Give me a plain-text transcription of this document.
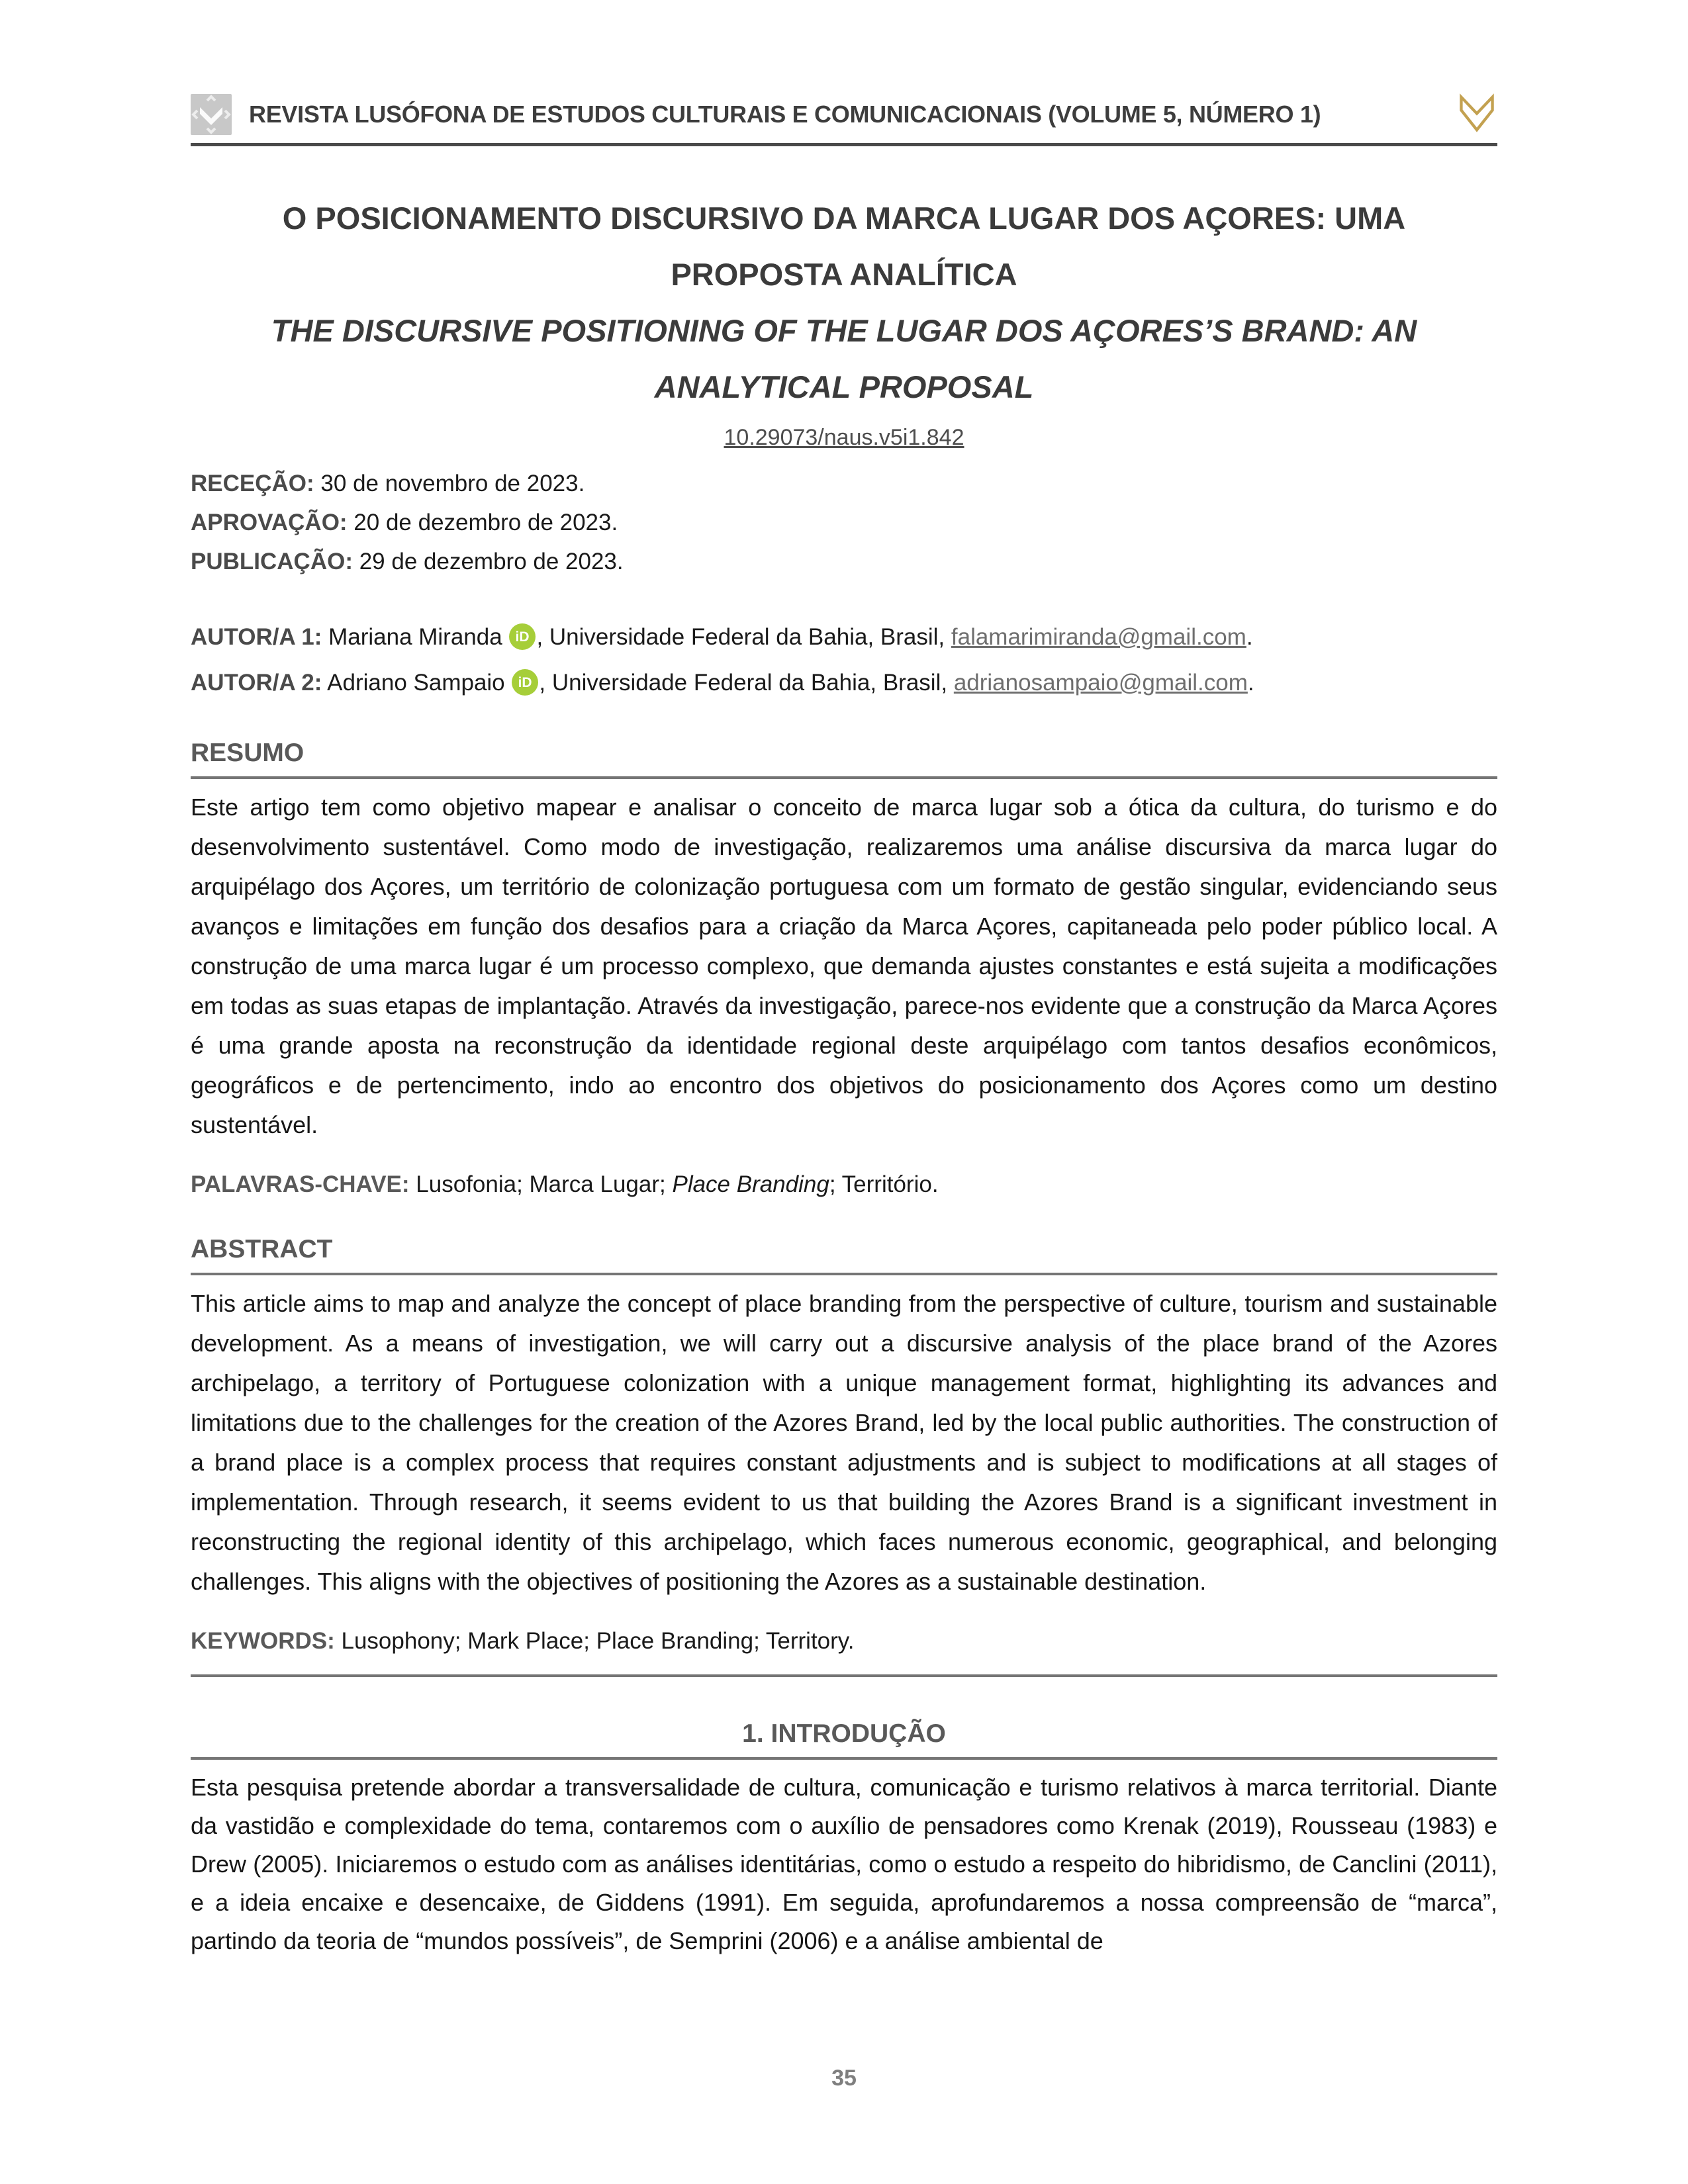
REVISTA LUSÓFONA DE ESTUDOS CULTURAIS E COMUNICACIONAIS (VOLUME 5, NÚMERO 1)
O POSICIONAMENTO DISCURSIVO DA MARCA LUGAR DOS AÇORES: UMA
PROPOSTA ANALÍTICA
THE DISCURSIVE POSITIONING OF THE LUGAR DOS AÇORES’S BRAND: AN
ANALYTICAL PROPOSAL
10.29073/naus.v5i1.842
RECEÇÃO: 30 de novembro de 2023.
APROVAÇÃO: 20 de dezembro de 2023.
PUBLICAÇÃO: 29 de dezembro de 2023.
AUTOR/A 1: Mariana Miranda iD , Universidade Federal da Bahia, Brasil, falamarimiranda@gmail.com.
AUTOR/A 2: Adriano Sampaio iD , Universidade Federal da Bahia, Brasil, adrianosampaio@gmail.com.
RESUMO
Este artigo tem como objetivo mapear e analisar o conceito de marca lugar sob a ótica da cultura, do turismo e do desenvolvimento sustentável. Como modo de investigação, realizaremos uma análise discursiva da marca lugar do arquipélago dos Açores, um território de colonização portuguesa com um formato de gestão singular, evidenciando seus avanços e limitações em função dos desafios para a criação da Marca Açores, capitaneada pelo poder público local. A construção de uma marca lugar é um processo complexo, que demanda ajustes constantes e está sujeita a modificações em todas as suas etapas de implantação. Através da investigação, parece-nos evidente que a construção da Marca Açores é uma grande aposta na reconstrução da identidade regional deste arquipélago com tantos desafios econômicos, geográficos e de pertencimento, indo ao encontro dos objetivos do posicionamento dos Açores como um destino sustentável.
PALAVRAS-CHAVE: Lusofonia; Marca Lugar; Place Branding; Território.
ABSTRACT
This article aims to map and analyze the concept of place branding from the perspective of culture, tourism and sustainable development. As a means of investigation, we will carry out a discursive analysis of the place brand of the Azores archipelago, a territory of Portuguese colonization with a unique management format, highlighting its advances and limitations due to the challenges for the creation of the Azores Brand, led by the local public authorities. The construction of a brand place is a complex process that requires constant adjustments and is subject to modifications at all stages of implementation. Through research, it seems evident to us that building the Azores Brand is a significant investment in reconstructing the regional identity of this archipelago, which faces numerous economic, geographical, and belonging challenges. This aligns with the objectives of positioning the Azores as a sustainable destination.
KEYWORDS: Lusophony; Mark Place; Place Branding; Territory.
1. INTRODUÇÃO
Esta pesquisa pretende abordar a transversalidade de cultura, comunicação e turismo relativos à marca territorial. Diante da vastidão e complexidade do tema, contaremos com o auxílio de pensadores como Krenak (2019), Rousseau (1983) e Drew (2005). Iniciaremos o estudo com as análises identitárias, como o estudo a respeito do hibridismo, de Canclini (2011), e a ideia encaixe e desencaixe, de Giddens (1991). Em seguida, aprofundaremos a nossa compreensão de “marca”, partindo da teoria de “mundos possíveis”, de Semprini (2006) e a análise ambiental de
35
